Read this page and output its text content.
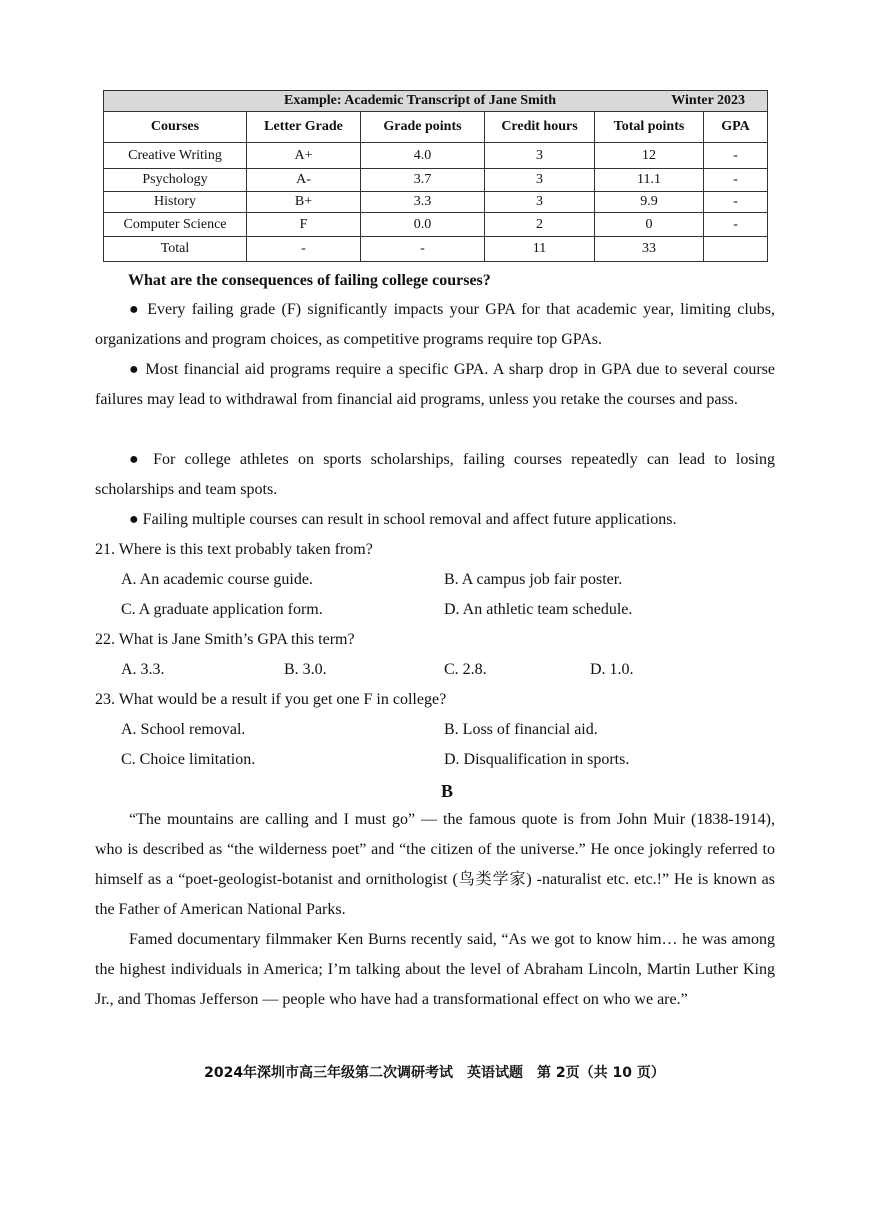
Example: Academic Transcript of Jane Smith Winter 2023					

Courses	Letter Grade	Grade points	Credit hours	Total points	GPA
Creative Writing	A+	4.0	3	12	-
Psychology	A-	3.7	3	11.1	-
History	B+	3.3	3	9.9	-
Computer Science	F	0.0	2	0	-
Total	-	-	11	33	
What are the consequences of failing college courses?
● Every failing grade (F) significantly impacts your GPA for that academic year, limiting clubs, organizations and program choices, as competitive programs require top GPAs.
● Most financial aid programs require a specific GPA. A sharp drop in GPA due to several course failures may lead to withdrawal from financial aid programs, unless you retake the courses and pass.
● For college athletes on sports scholarships, failing courses repeatedly can lead to losing scholarships and team spots.
● Failing multiple courses can result in school removal and affect future applications.
21. Where is this text probably taken from?
A. An academic course guide.	B. A campus job fair poster.
C. A graduate application form.	D. An athletic team schedule.
22. What is Jane Smith’s GPA this term?
A. 3.3.	B. 3.0.	C. 2.8.	D. 1.0.
23. What would be a result if you get one F in college?
A. School removal.	B. Loss of financial aid.
C. Choice limitation.	D. Disqualification in sports.
B
“The mountains are calling and I must go” — the famous quote is from John Muir (1838-1914), who is described as “the wilderness poet” and “the citizen of the universe.” He once jokingly referred to himself as a “poet-geologist-botanist and ornithologist (鸟类学家) -naturalist etc. etc.!” He is known as the Father of American National Parks.
Famed documentary filmmaker Ken Burns recently said, “As we got to know him… he was among the highest individuals in America; I’m talking about the level of Abraham Lincoln, Martin Luther King Jr., and Thomas Jefferson — people who have had a transformational effect on who we are.”
2024年深圳市高三年级第二次调研考试　英语试题　第 2页（共 10 页）
